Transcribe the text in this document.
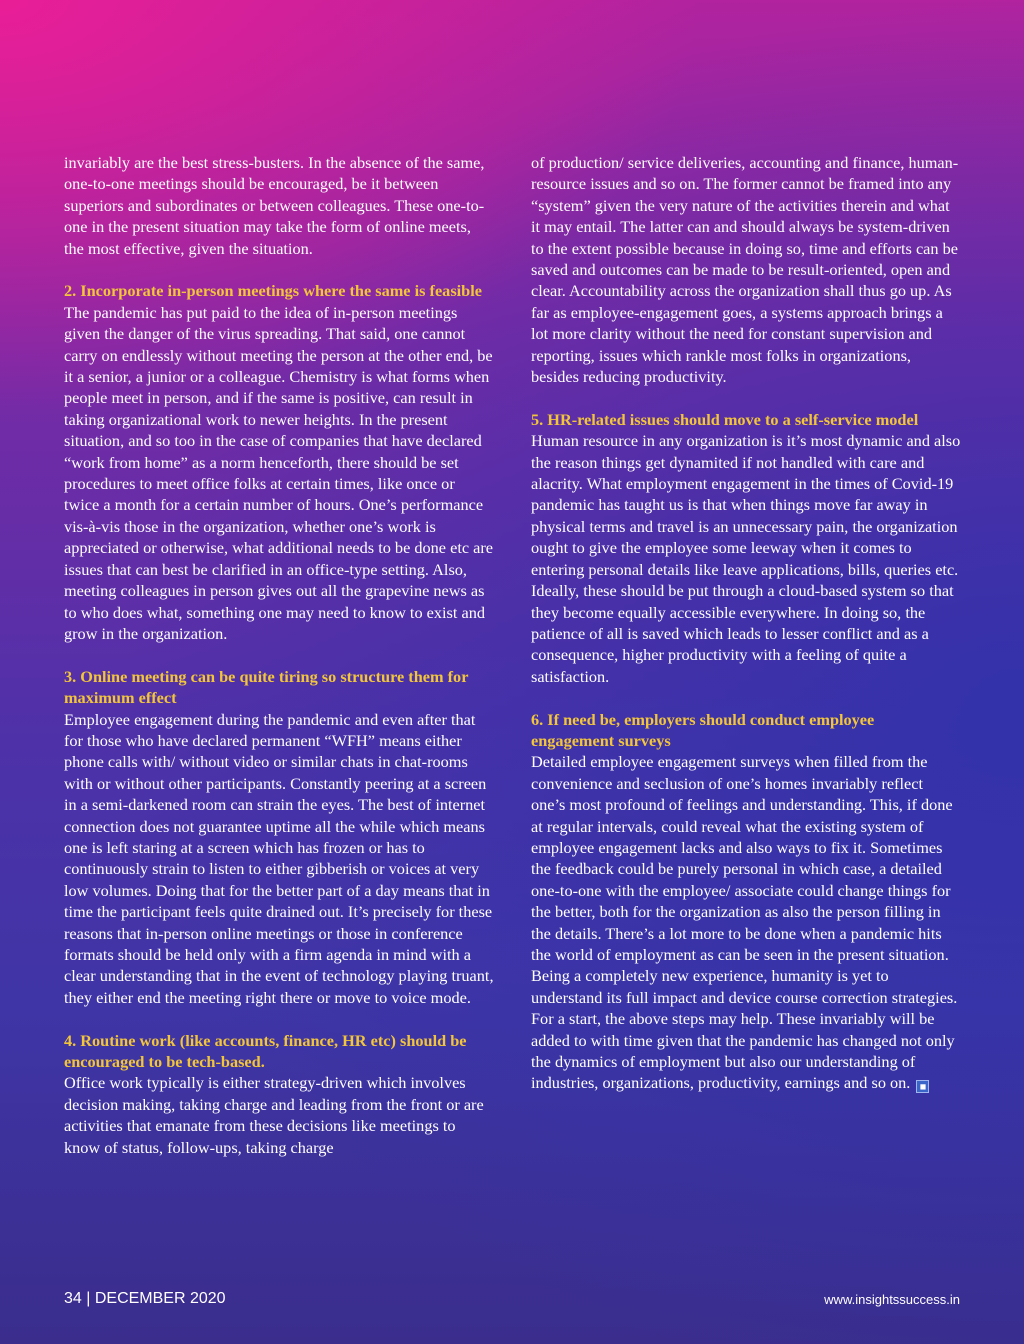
invariably are the best stress-busters. In the absence of the same, one-to-one meetings should be encouraged, be it between superiors and subordinates or between colleagues. These one-to-one in the present situation may take the form of online meets, the most effective, given the situation.

2. Incorporate in-person meetings where the same is feasible

The pandemic has put paid to the idea of in-person meetings given the danger of the virus spreading. That said, one cannot carry on endlessly without meeting the person at the other end, be it a senior, a junior or a colleague. Chemistry is what forms when people meet in person, and if the same is positive, can result in taking organizational work to newer heights. In the present situation, and so too in the case of companies that have declared “work from home” as a norm henceforth, there should be set procedures to meet office folks at certain times, like once or twice a month for a certain number of hours. One’s performance vis-à-vis those in the organization, whether one’s work is appreciated or otherwise, what additional needs to be done etc are issues that can best be clarified in an office-type setting. Also, meeting colleagues in person gives out all the grapevine news as to who does what, something one may need to know to exist and grow in the organization.

3. Online meeting can be quite tiring so structure them for maximum effect

Employee engagement during the pandemic and even after that for those who have declared permanent “WFH” means either phone calls with/ without video or similar chats in chat-rooms with or without other participants. Constantly peering at a screen in a semi-darkened room can strain the eyes. The best of internet connection does not guarantee uptime all the while which means one is left staring at a screen which has frozen or has to continuously strain to listen to either gibberish or voices at very low volumes. Doing that for the better part of a day means that in time the participant feels quite drained out. It’s precisely for these reasons that in-person online meetings or those in conference formats should be held only with a firm agenda in mind with a clear understanding that in the event of technology playing truant, they either end the meeting right there or move to voice mode.

4. Routine work (like accounts, finance, HR etc) should be encouraged to be tech-based.

Office work typically is either strategy-driven which involves decision making, taking charge and leading from the front or are activities that emanate from these decisions like meetings to know of status, follow-ups, taking charge

of production/ service deliveries, accounting and finance, human-resource issues and so on. The former cannot be framed into any “system” given the very nature of the activities therein and what it may entail. The latter can and should always be system-driven to the extent possible because in doing so, time and efforts can be saved and outcomes can be made to be result-oriented, open and clear. Accountability across the organization shall thus go up. As far as employee-engagement goes, a systems approach brings a lot more clarity without the need for constant supervision and reporting, issues which rankle most folks in organizations, besides reducing productivity.

5. HR-related issues should move to a self-service model

Human resource in any organization is it’s most dynamic and also the reason things get dynamited if not handled with care and alacrity. What employment engagement in the times of Covid-19 pandemic has taught us is that when things move far away in physical terms and travel is an unnecessary pain, the organization ought to give the employee some leeway when it comes to entering personal details like leave applications, bills, queries etc. Ideally, these should be put through a cloud-based system so that they become equally accessible everywhere. In doing so, the patience of all is saved which leads to lesser conflict and as a consequence, higher productivity with a feeling of quite a satisfaction.

6. If need be, employers should conduct employee engagement surveys

Detailed employee engagement surveys when filled from the convenience and seclusion of one’s homes invariably reflect one’s most profound of feelings and understanding. This, if done at regular intervals, could reveal what the existing system of employee engagement lacks and also ways to fix it. Sometimes the feedback could be purely personal in which case, a detailed one-to-one with the employee/ associate could change things for the better, both for the organization as also the person filling in the details. There’s a lot more to be done when a pandemic hits the world of employment as can be seen in the present situation. Being a completely new experience, humanity is yet to understand its full impact and device course correction strategies. For a start, the above steps may help. These invariably will be added to with time given that the pandemic has changed not only the dynamics of employment but also our understanding of industries, organizations, productivity, earnings and so on. ◼

34 | DECEMBER 2020	www.insightssuccess.in
